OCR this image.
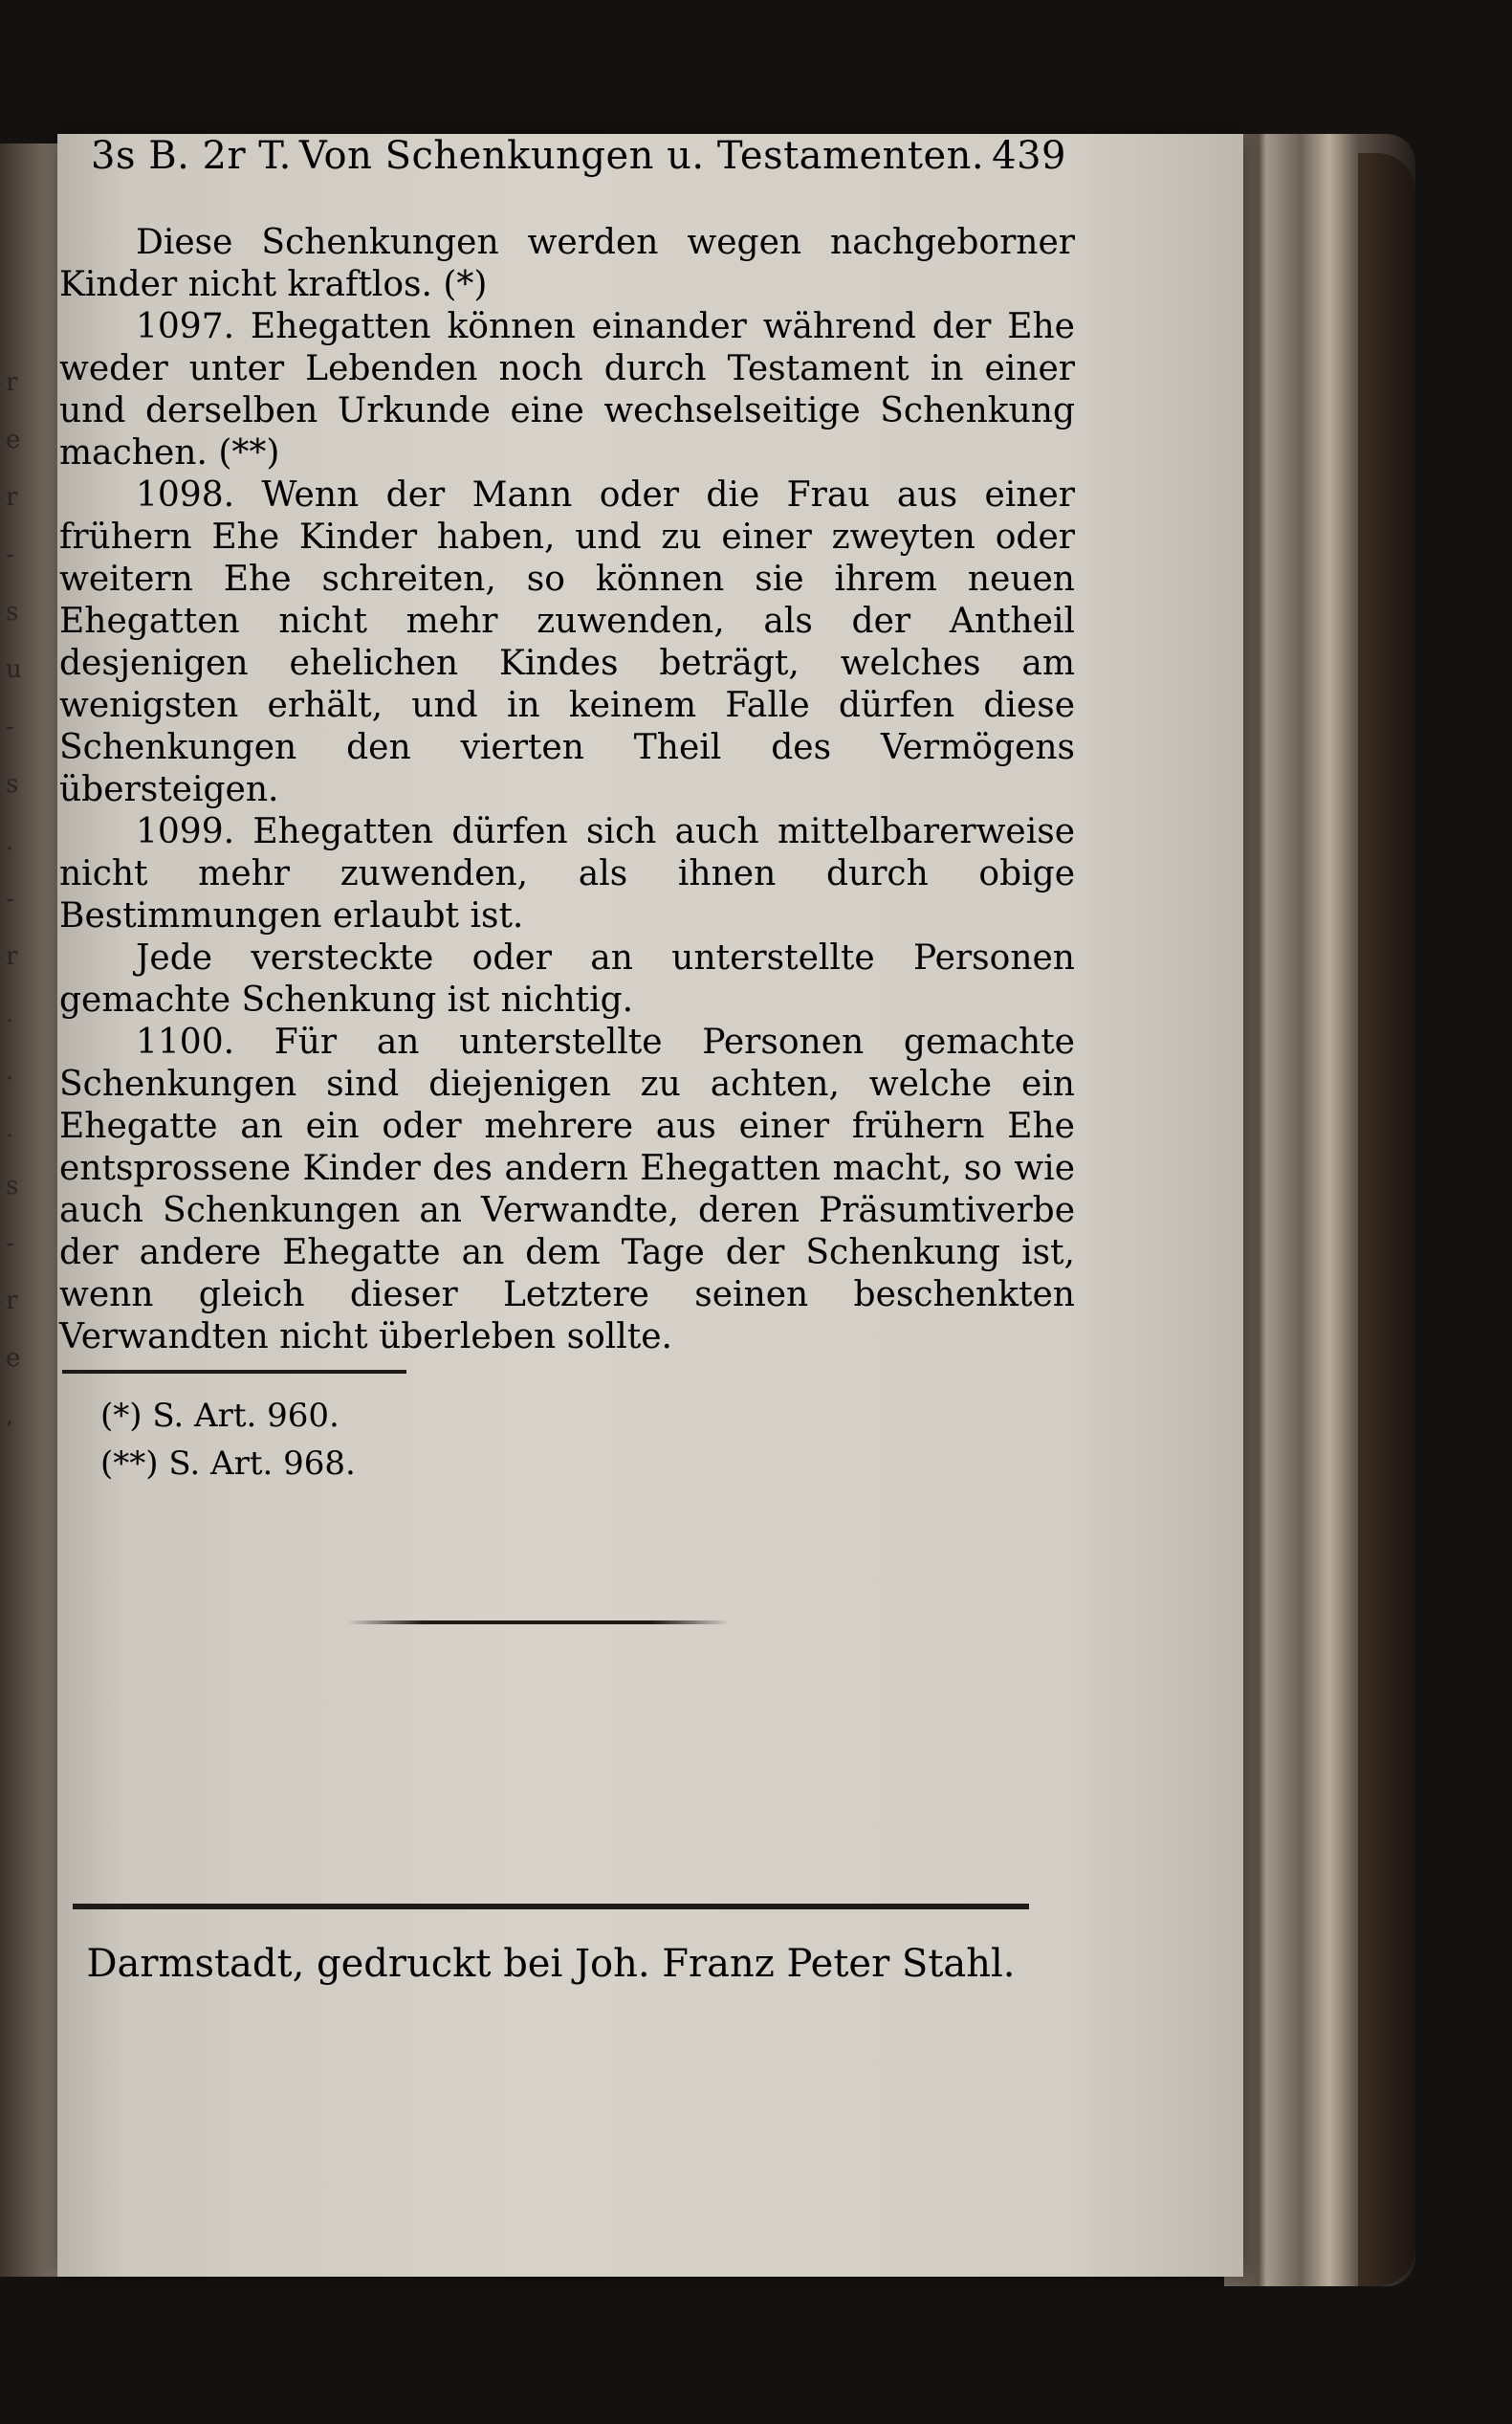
r
e
r
-
s
u
-
s
.
-
r
.
.
.
s
-
r
e
,
3s B. 2r T. Von Schenkungen u. Testamenten. 439

Diese Schenkungen werden wegen nachgeborner Kinder nicht kraftlos. (*)

1097. Ehegatten können einander während der Ehe weder unter Lebenden noch durch Testament in einer und derselben Urkunde eine wechselseitige Schenkung machen. (**)

1098. Wenn der Mann oder die Frau aus einer frühern Ehe Kinder haben, und zu einer zweyten oder weitern Ehe schreiten, so können sie ihrem neuen Ehegatten nicht mehr zuwenden, als der Antheil desjenigen ehelichen Kindes beträgt, welches am wenigsten erhält, und in keinem Falle dürfen diese Schenkungen den vierten Theil des Vermögens übersteigen.

1099. Ehegatten dürfen sich auch mittelbarerweise nicht mehr zuwenden, als ihnen durch obige Bestimmungen erlaubt ist.

Jede versteckte oder an unterstellte Personen gemachte Schenkung ist nichtig.

1100. Für an unterstellte Personen gemachte Schenkungen sind diejenigen zu achten, welche ein Ehegatte an ein oder mehrere aus einer frühern Ehe entsprossene Kinder des andern Ehegatten macht, so wie auch Schenkungen an Verwandte, deren Präsumtiverbe der andere Ehegatte an dem Tage der Schenkung ist, wenn gleich dieser Letztere seinen beschenkten Verwandten nicht überleben sollte.

(*) S. Art. 960.
(**) S. Art. 968.
Darmstadt, gedruckt bei Joh. Franz Peter Stahl.
